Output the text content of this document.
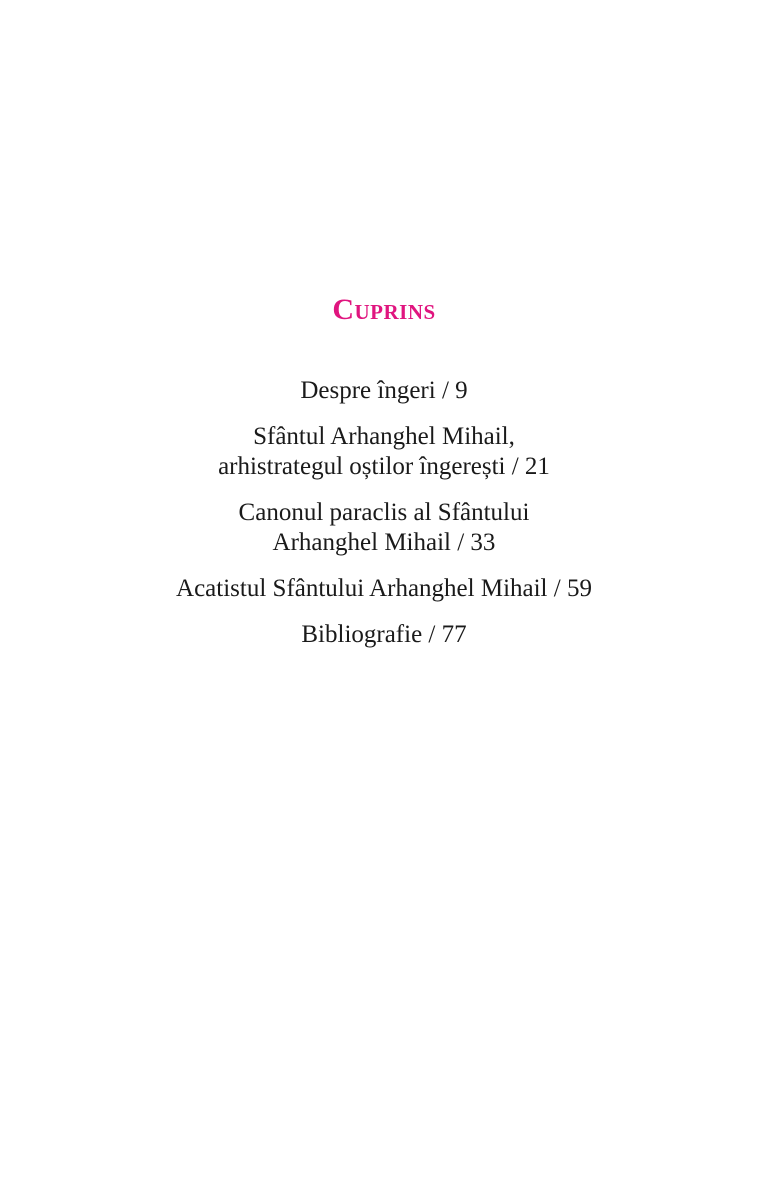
Cuprins
Despre îngeri / 9
Sfântul Arhanghel Mihail,
arhistrategul oștilor îngerești / 21
Canonul paraclis al Sfântului
Arhanghel Mihail / 33
Acatistul Sfântului Arhanghel Mihail / 59
Bibliografie / 77
